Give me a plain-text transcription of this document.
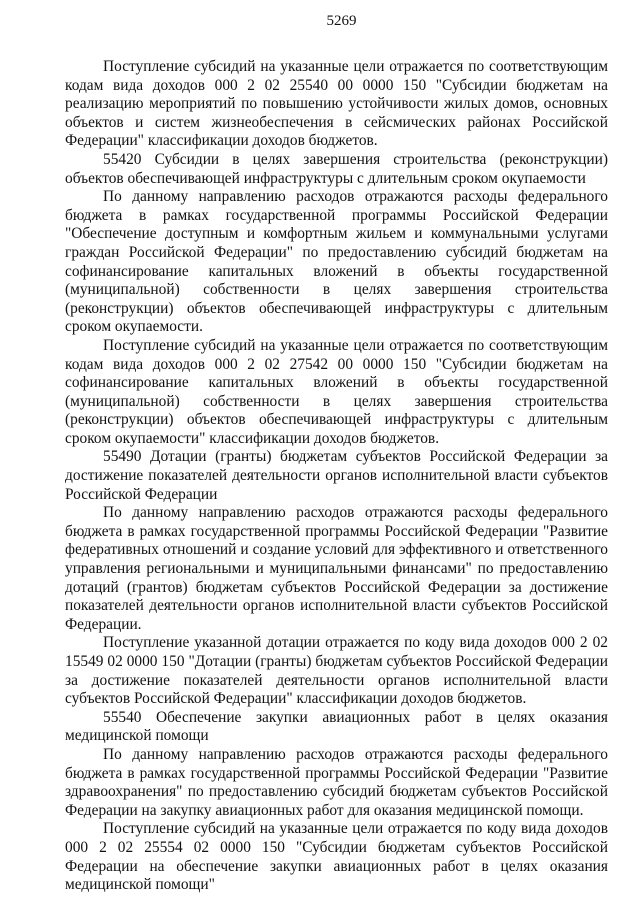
5269

Поступление субсидий на указанные цели отражается по соответствующим кодам вида доходов 000 2 02 25540 00 0000 150 "Субсидии бюджетам на реализацию мероприятий по повышению устойчивости жилых домов, основных объектов и систем жизнеобеспечения в сейсмических районах Российской Федерации" классификации доходов бюджетов.

55420 Субсидии в целях завершения строительства (реконструкции) объектов обеспечивающей инфраструктуры с длительным сроком окупаемости

По данному направлению расходов отражаются расходы федерального бюджета в рамках государственной программы Российской Федерации "Обеспечение доступным и комфортным жильем и коммунальными услугами граждан Российской Федерации" по предоставлению субсидий бюджетам на софинансирование капитальных вложений в объекты государственной (муниципальной) собственности в целях завершения строительства (реконструкции) объектов обеспечивающей инфраструктуры с длительным сроком окупаемости.

Поступление субсидий на указанные цели отражается по соответствующим кодам вида доходов 000 2 02 27542 00 0000 150 "Субсидии бюджетам на софинансирование капитальных вложений в объекты государственной (муниципальной) собственности в целях завершения строительства (реконструкции) объектов обеспечивающей инфраструктуры с длительным сроком окупаемости" классификации доходов бюджетов.

55490 Дотации (гранты) бюджетам субъектов Российской Федерации за достижение показателей деятельности органов исполнительной власти субъектов Российской Федерации

По данному направлению расходов отражаются расходы федерального бюджета в рамках государственной программы Российской Федерации "Развитие федеративных отношений и создание условий для эффективного и ответственного управления региональными и муниципальными финансами" по предоставлению дотаций (грантов) бюджетам субъектов Российской Федерации за достижение показателей деятельности органов исполнительной власти субъектов Российской Федерации.

Поступление указанной дотации отражается по коду вида доходов 000 2 02 15549 02 0000 150 "Дотации (гранты) бюджетам субъектов Российской Федерации за достижение показателей деятельности органов исполнительной власти субъектов Российской Федерации" классификации доходов бюджетов.

55540 Обеспечение закупки авиационных работ в целях оказания медицинской помощи

По данному направлению расходов отражаются расходы федерального бюджета в рамках государственной программы Российской Федерации "Развитие здравоохранения" по предоставлению субсидий бюджетам субъектов Российской Федерации на закупку авиационных работ для оказания медицинской помощи.

Поступление субсидий на указанные цели отражается по коду вида доходов 000 2 02 25554 02 0000 150 "Субсидии бюджетам субъектов Российской Федерации на обеспечение закупки авиационных работ в целях оказания медицинской помощи"
